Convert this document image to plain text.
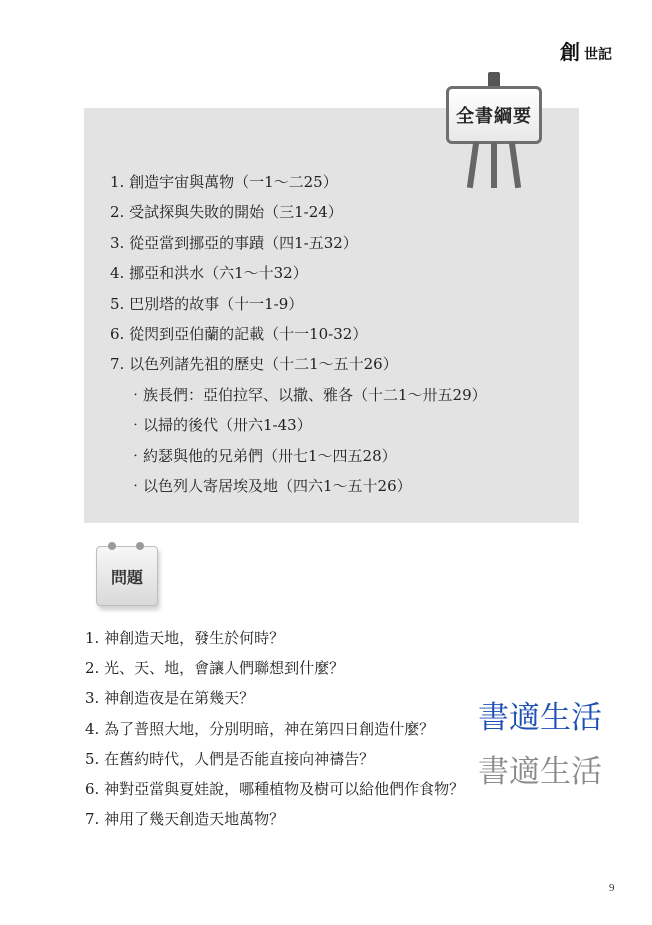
創 世記
全書綱要
1. 創造宇宙與萬物（一1～二25）
2. 受試探與失敗的開始（三1-24）
3. 從亞當到挪亞的事蹟（四1-五32）
4. 挪亞和洪水（六1～十32）
5. 巴別塔的故事（十一1-9）
6. 從閃到亞伯蘭的記載（十一10-32）
7. 以色列諸先祖的歷史（十二1～五十26）
‧族長們：亞伯拉罕、以撒、雅各（十二1～卅五29）
‧以掃的後代（卅六1-43）
‧約瑟與他的兄弟們（卅七1～四五28）
‧以色列人寄居埃及地（四六1～五十26）
問題
1. 神創造天地，發生於何時？
2. 光、天、地，會讓人們聯想到什麼？
3. 神創造夜是在第幾天？
4. 為了普照大地，分別明暗，神在第四日創造什麼？
5. 在舊約時代，人們是否能直接向神禱告？
6. 神對亞當與夏娃說，哪種植物及樹可以給他們作食物？
7. 神用了幾天創造天地萬物？
書適生活
書適生活
9
